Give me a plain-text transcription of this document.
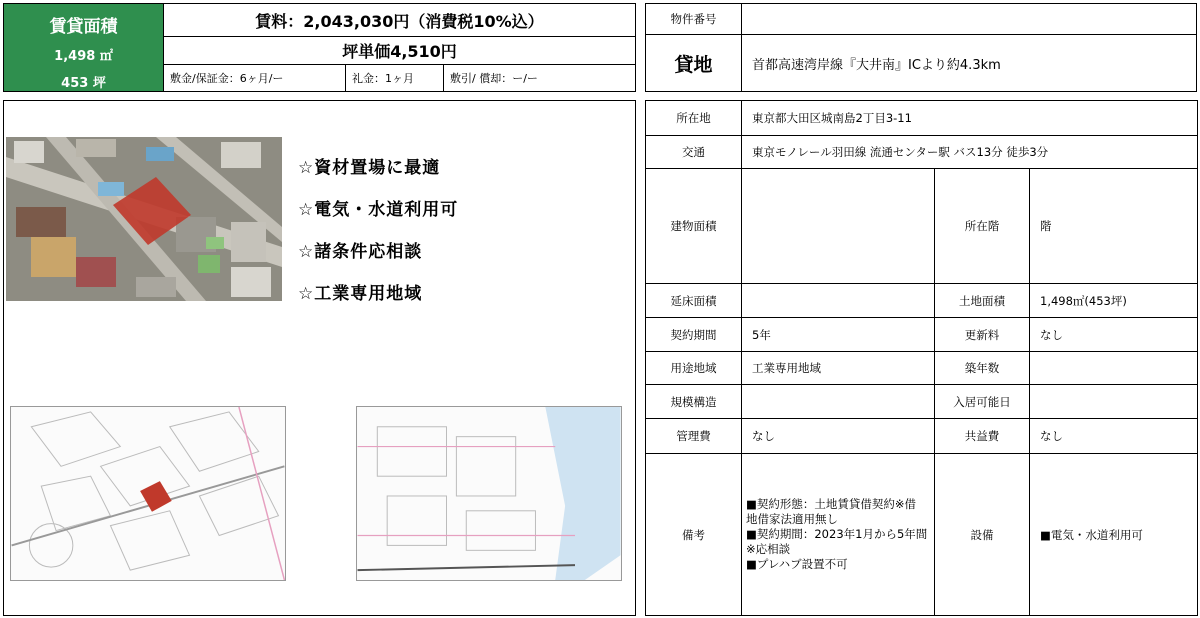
賃貸面積
1,498 ㎡
453 坪
賃料：2,043,030円（消費税10%込）
坪単価4,510円
敷金/保証金：6ヶ月/ー	礼金：1ヶ月	敷引/ 償却：ー/ー
物件番号
貸地	首都高速湾岸線『大井南』ICより約4.3km
☆資材置場に最適
☆電気・水道利用可
☆諸条件応相談
☆工業専用地域
所在地	東京都大田区城南島2丁目3-11		
交通	東京モノレール羽田線 流通センター駅 バス13分 徒歩3分		
建物面積		所在階	階
延床面積		土地面積	1,498㎡(453坪)
契約期間	5年	更新料	なし
用途地域	工業専用地域	築年数	
規模構造		入居可能日	
管理費	なし	共益費	なし
備考	■契約形態：土地賃貸借契約※借
地借家法適用無し
■契約期間：2023年1月から5年間
※応相談
■プレハブ設置不可	設備	■電気・水道利用可
